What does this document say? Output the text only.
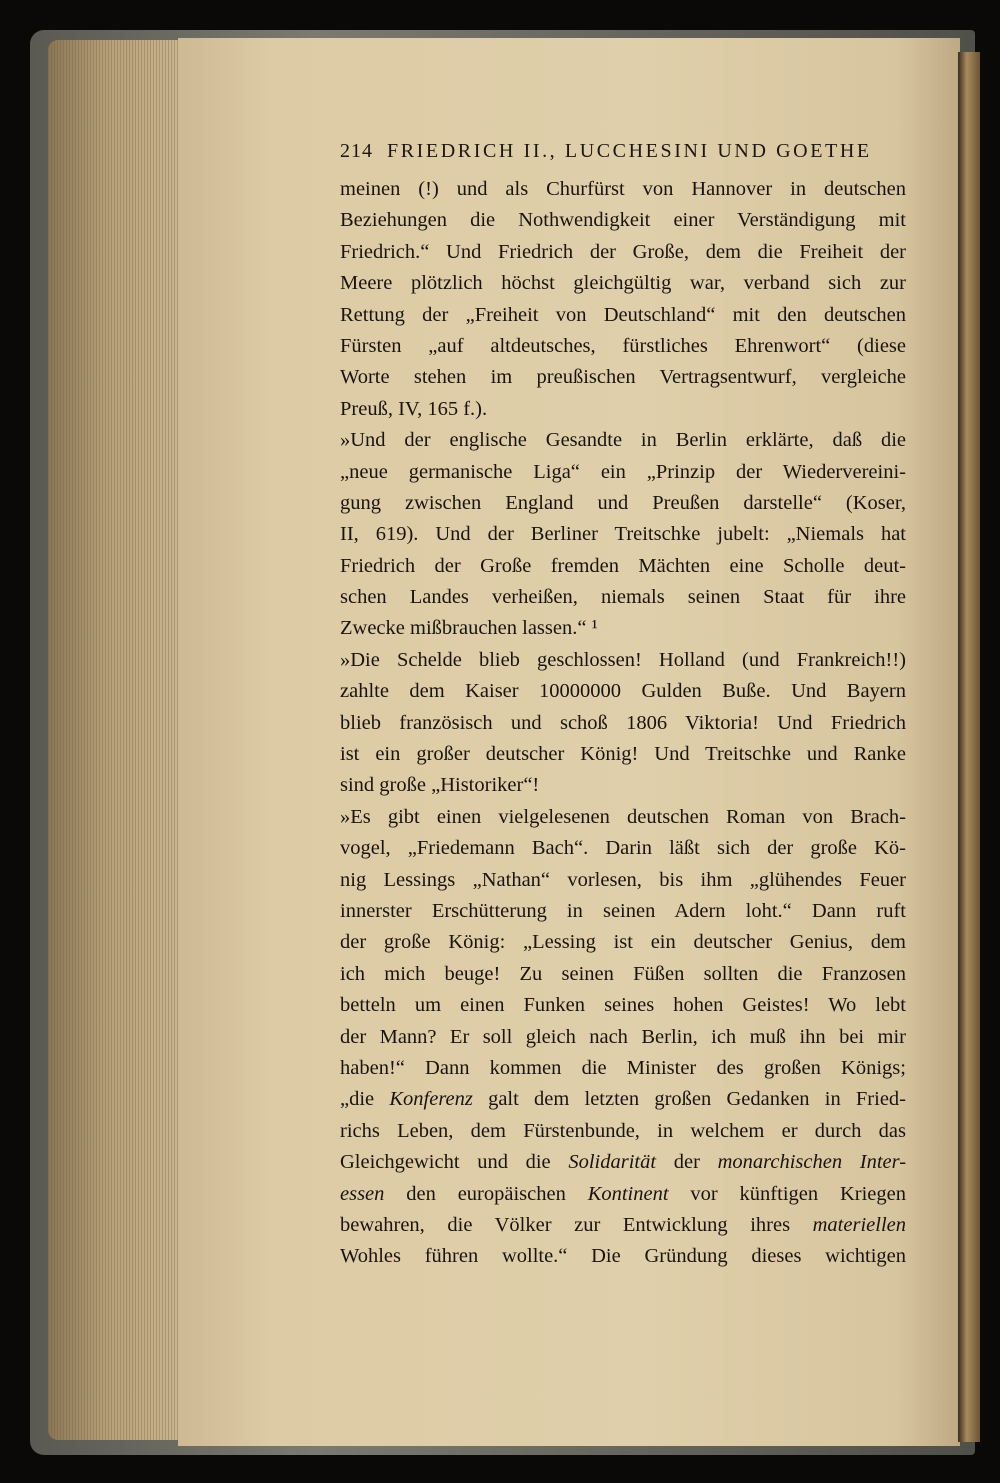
214 FRIEDRICH II., LUCCHESINI UND GOETHE
meinen (!) und als Churfürst von Hannover in deutschen
Beziehungen die Nothwendigkeit einer Verständigung mit
Friedrich.“ Und Friedrich der Große, dem die Freiheit der
Meere plötzlich höchst gleichgültig war, verband sich zur
Rettung der „Freiheit von Deutschland“ mit den deutschen
Fürsten „auf altdeutsches, fürstliches Ehrenwort“ (diese
Worte stehen im preußischen Vertragsentwurf, vergleiche
Preuß, IV, 165 f.).
»Und der englische Gesandte in Berlin erklärte, daß die
„neue germanische Liga“ ein „Prinzip der Wiedervereini-
gung zwischen England und Preußen darstelle“ (Koser,
II, 619). Und der Berliner Treitschke jubelt: „Niemals hat
Friedrich der Große fremden Mächten eine Scholle deut-
schen Landes verheißen, niemals seinen Staat für ihre
Zwecke mißbrauchen lassen.“ ¹
»Die Schelde blieb geschlossen! Holland (und Frankreich!!)
zahlte dem Kaiser 10000000 Gulden Buße. Und Bayern
blieb französisch und schoß 1806 Viktoria! Und Friedrich
ist ein großer deutscher König! Und Treitschke und Ranke
sind große „Historiker“!
»Es gibt einen vielgelesenen deutschen Roman von Brach-
vogel, „Friedemann Bach“. Darin läßt sich der große Kö-
nig Lessings „Nathan“ vorlesen, bis ihm „glühendes Feuer
innerster Erschütterung in seinen Adern loht.“ Dann ruft
der große König: „Lessing ist ein deutscher Genius, dem
ich mich beuge! Zu seinen Füßen sollten die Franzosen
betteln um einen Funken seines hohen Geistes! Wo lebt
der Mann? Er soll gleich nach Berlin, ich muß ihn bei mir
haben!“ Dann kommen die Minister des großen Königs;
„die Konferenz galt dem letzten großen Gedanken in Fried-
richs Leben, dem Fürstenbunde, in welchem er durch das
Gleichgewicht und die Solidarität der monarchischen Inter-
essen den europäischen Kontinent vor künftigen Kriegen
bewahren, die Völker zur Entwicklung ihres materiellen
Wohles führen wollte.“ Die Gründung dieses wichtigen
